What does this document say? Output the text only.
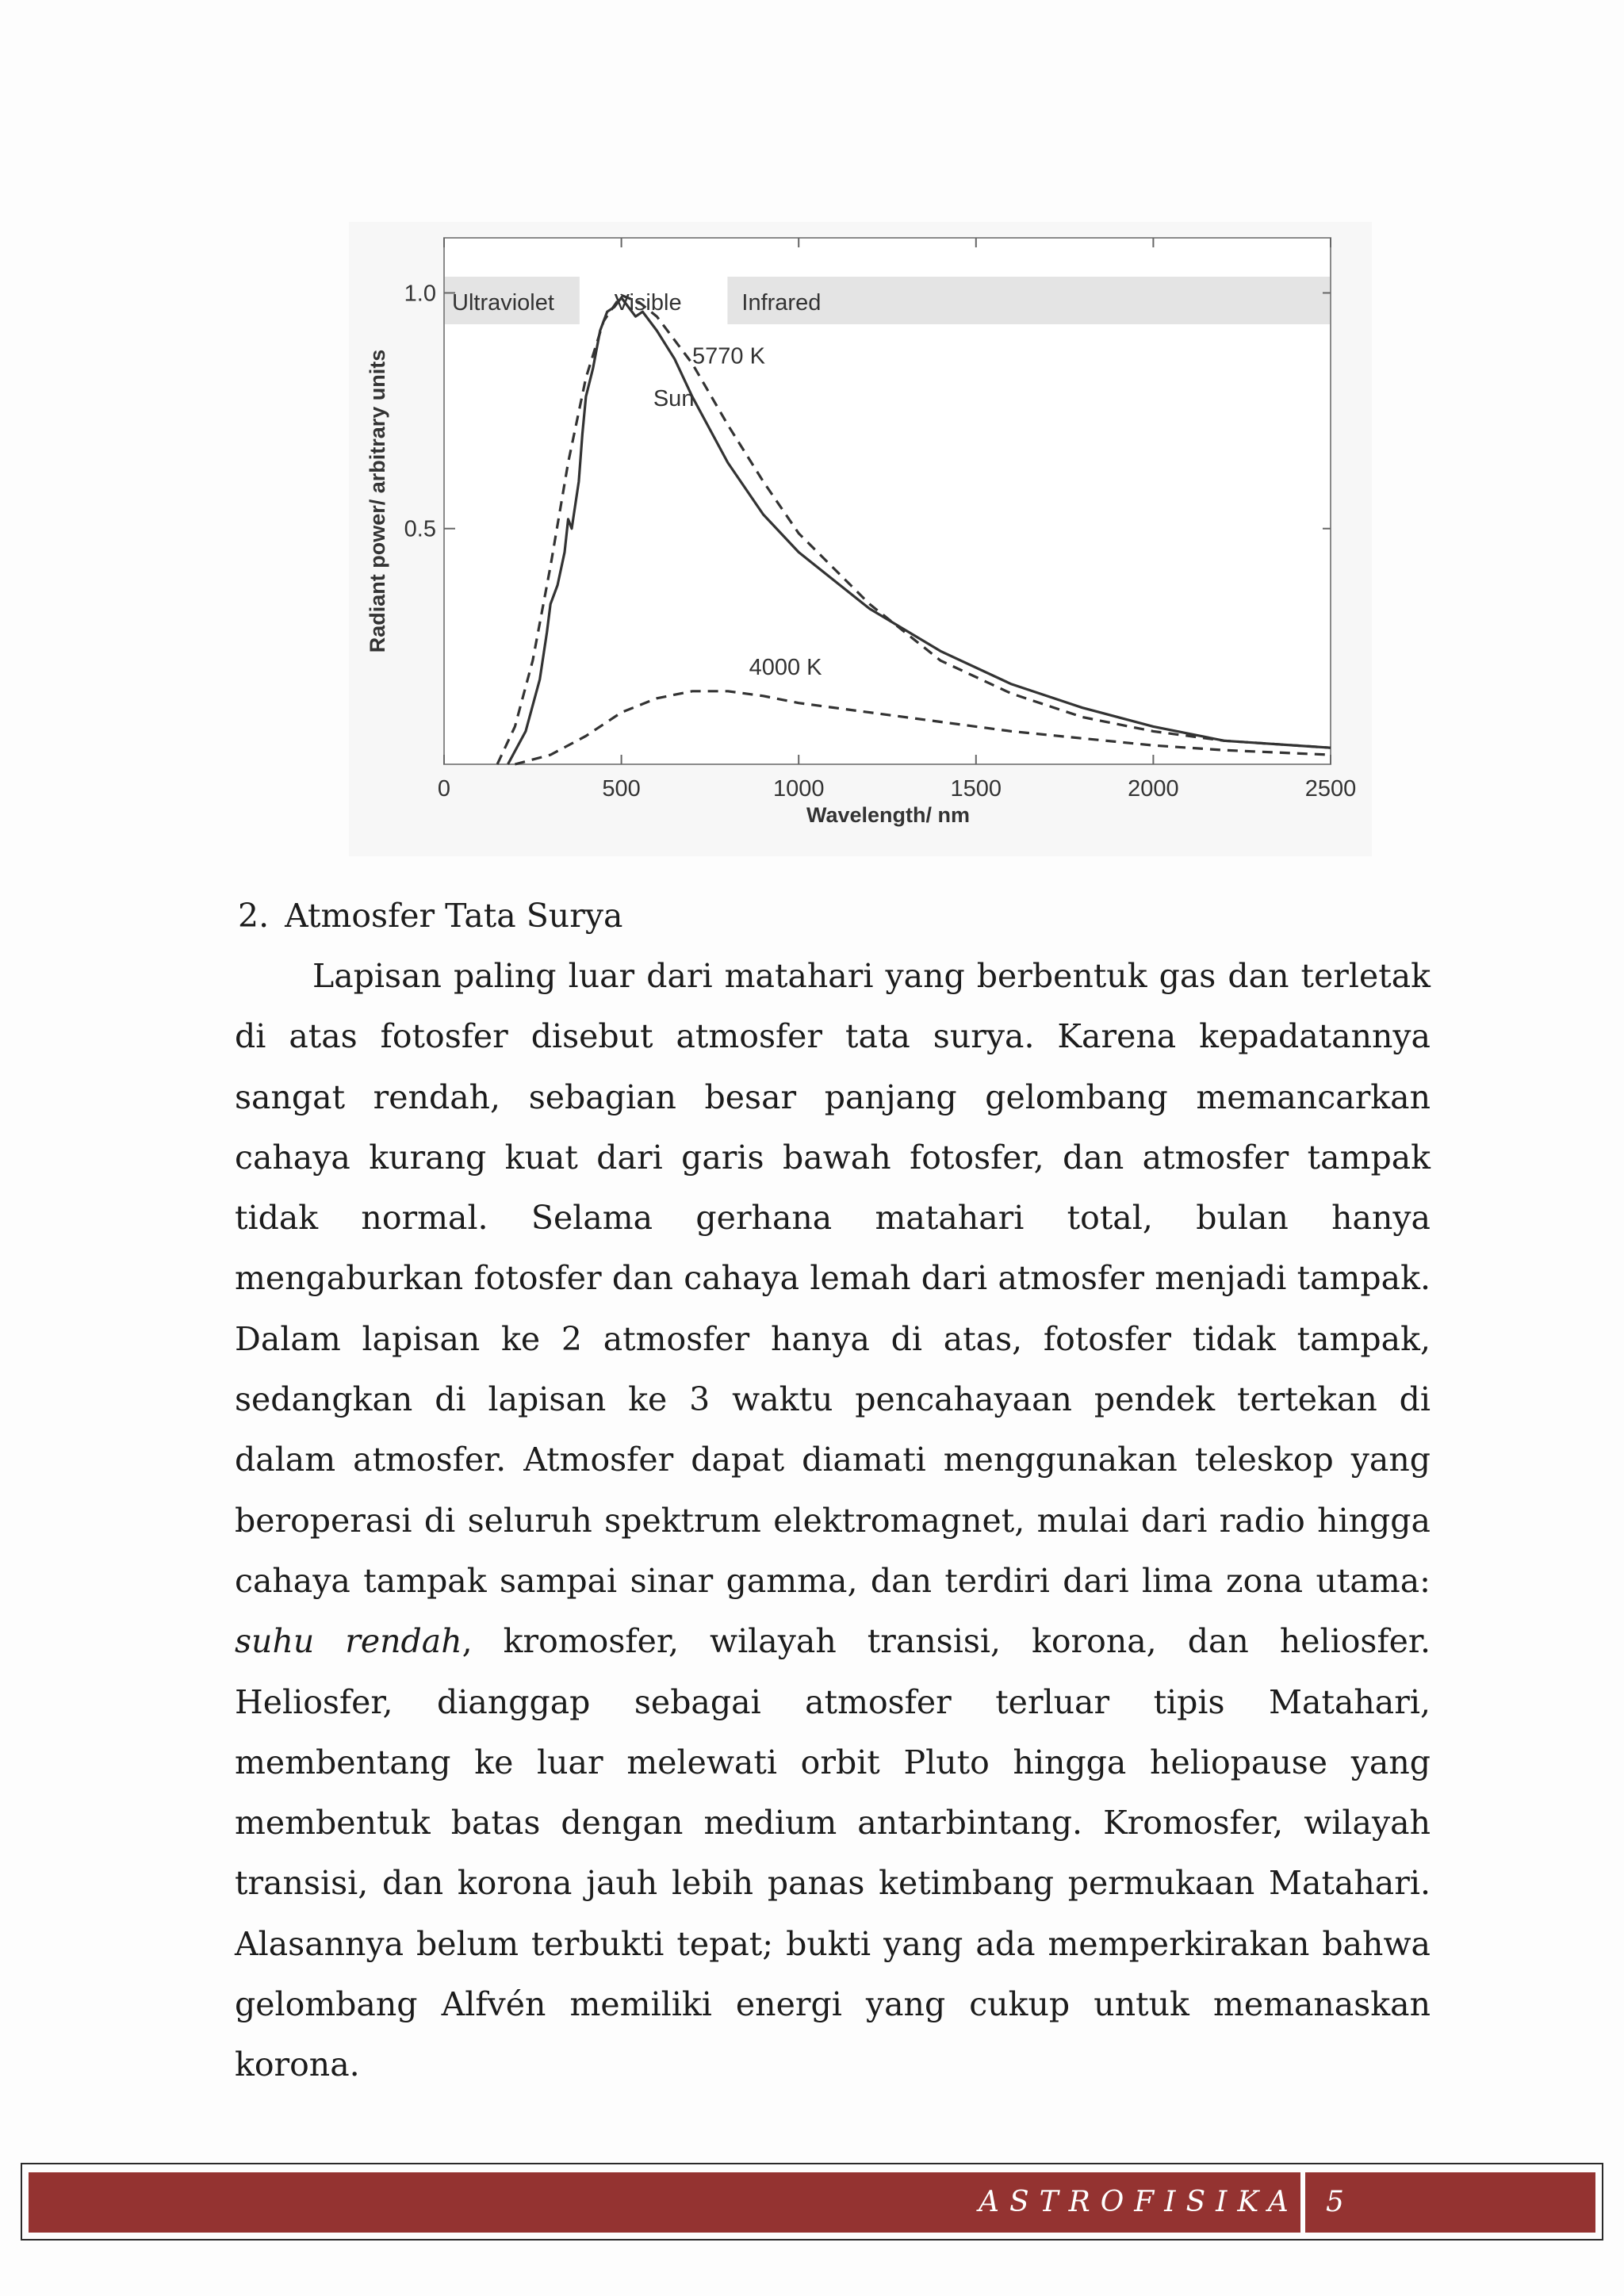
Ultraviolet	Visible	Infrared
0	500	1000	1500	2000	2500
0.5
1.0
5770 K
Sun
4000 K
Wavelength/ nm
Radiant power/ arbitrary units
2. Atmosfer Tata Surya

Lapisan paling luar dari matahari yang berbentuk gas dan terletak di atas fotosfer disebut atmosfer tata surya. Karena kepadatannya sangat rendah, sebagian besar panjang gelombang memancarkan cahaya kurang kuat dari garis bawah fotosfer, dan atmosfer tampak tidak normal. Selama gerhana matahari total, bulan hanya mengaburkan fotosfer dan cahaya lemah dari atmosfer menjadi tampak. Dalam lapisan ke 2 atmosfer hanya di atas, fotosfer tidak tampak, sedangkan di lapisan ke 3 waktu pencahayaan pendek tertekan di dalam atmosfer. Atmosfer dapat diamati menggunakan teleskop yang beroperasi di seluruh spektrum elektromagnet, mulai dari radio hingga cahaya tampak sampai sinar gamma, dan terdiri dari lima zona utama: suhu rendah, kromosfer, wilayah transisi, korona, dan heliosfer. Heliosfer, dianggap sebagai atmosfer terluar tipis Matahari, membentang ke luar melewati orbit Pluto hingga heliopause yang membentuk batas dengan medium antarbintang. Kromosfer, wilayah transisi, dan korona jauh lebih panas ketimbang permukaan Matahari. Alasannya belum terbukti tepat; bukti yang ada memperkirakan bahwa gelombang Alfvén memiliki energi yang cukup untuk memanaskan korona.

ASTROFISIKA 5
